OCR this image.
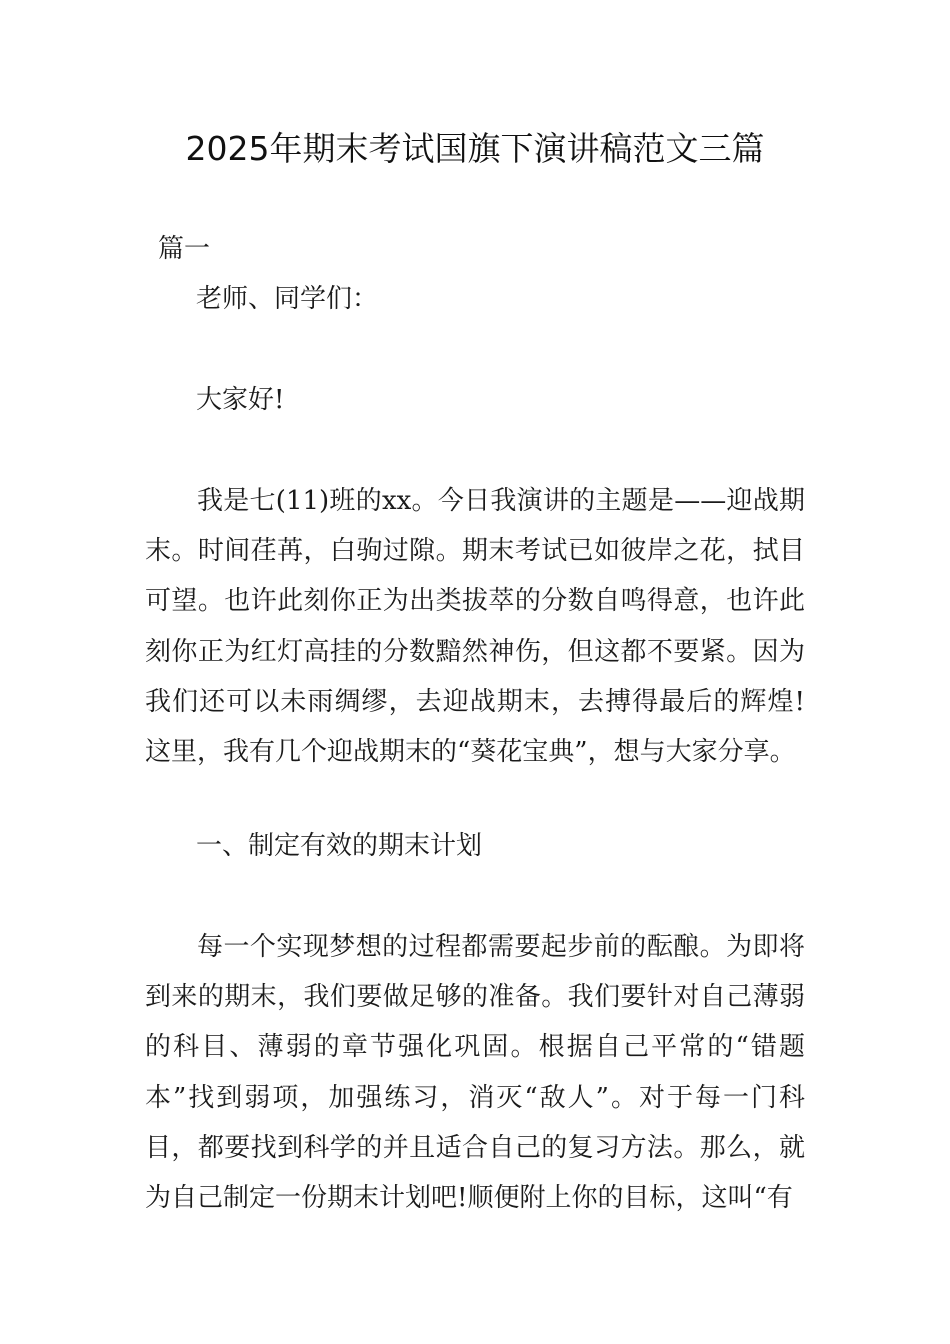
2025年期末考试国旗下演讲稿范文三篇
篇一
老师、同学们：
大家好!
我是七(11)班的xx。今日我演讲的主题是——迎战期末。时间荏苒，白驹过隙。期末考试已如彼岸之花，拭目可望。也许此刻你正为出类拔萃的分数自鸣得意，也许此刻你正为红灯高挂的分数黯然神伤，但这都不要紧。因为我们还可以未雨绸缪，去迎战期末，去搏得最后的辉煌!这里，我有几个迎战期末的“葵花宝典”，想与大家分享。
一、制定有效的期末计划
每一个实现梦想的过程都需要起步前的酝酿。为即将到来的期末，我们要做足够的准备。我们要针对自己薄弱的科目、薄弱的章节强化巩固。根据自己平常的“错题本”找到弱项，加强练习，消灭“敌人”。对于每一门科目，都要找到科学的并且适合自己的复习方法。那么，就为自己制定一份期末计划吧!顺便附上你的目标，这叫“有
